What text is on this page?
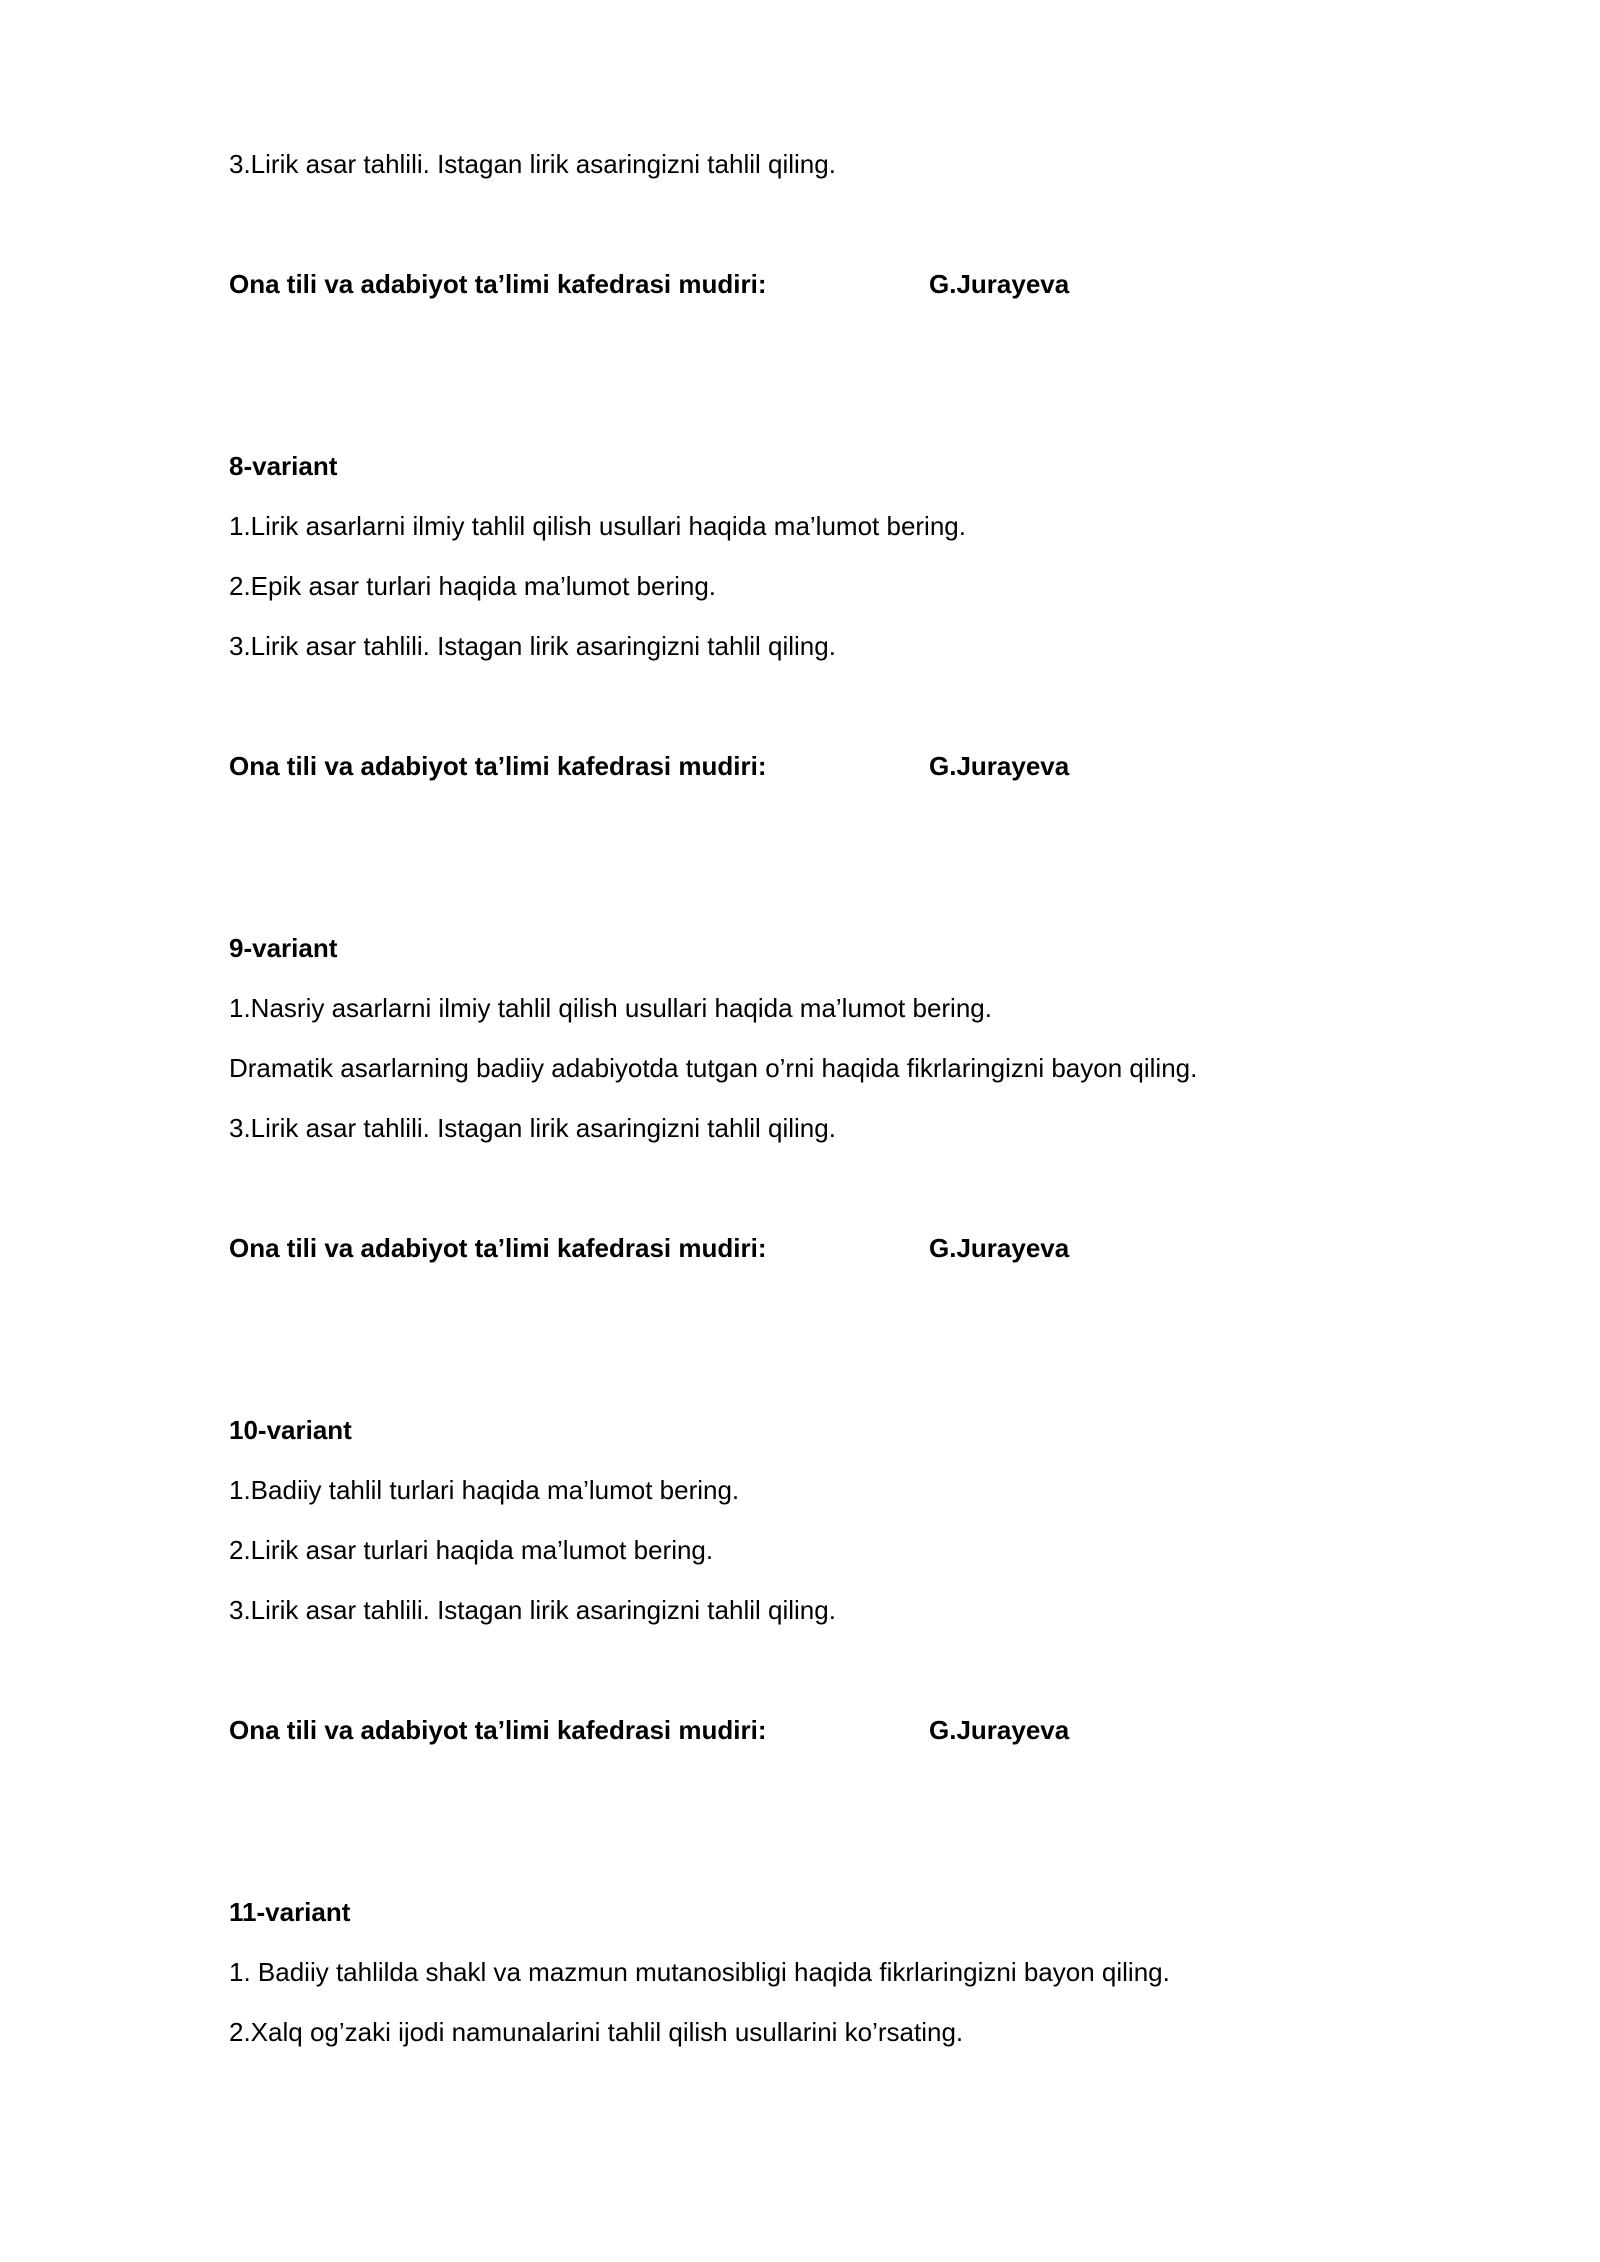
3.Lirik asar tahlili. Istagan lirik asaringizni tahlil qiling.

Ona tili va adabiyot ta’limi kafedrasi mudiri:	G.Jurayeva

8-variant

1.Lirik asarlarni ilmiy tahlil qilish usullari haqida ma’lumot bering.

2.Epik asar turlari haqida ma’lumot bering.

3.Lirik asar tahlili. Istagan lirik asaringizni tahlil qiling.

Ona tili va adabiyot ta’limi kafedrasi mudiri:	G.Jurayeva

9-variant

1.Nasriy asarlarni ilmiy tahlil qilish usullari haqida ma’lumot bering.

Dramatik asarlarning badiiy adabiyotda tutgan o’rni haqida fikrlaringizni bayon qiling.

3.Lirik asar tahlili. Istagan lirik asaringizni tahlil qiling.

Ona tili va adabiyot ta’limi kafedrasi mudiri:	G.Jurayeva

10-variant

1.Badiiy tahlil turlari haqida ma’lumot bering.

2.Lirik asar turlari haqida ma’lumot bering.

3.Lirik asar tahlili. Istagan lirik asaringizni tahlil qiling.

Ona tili va adabiyot ta’limi kafedrasi mudiri:	G.Jurayeva

11-variant

1. Badiiy tahlilda shakl va mazmun mutanosibligi haqida fikrlaringizni bayon qiling.

2.Xalq og’zaki ijodi namunalarini tahlil qilish usullarini ko’rsating.
